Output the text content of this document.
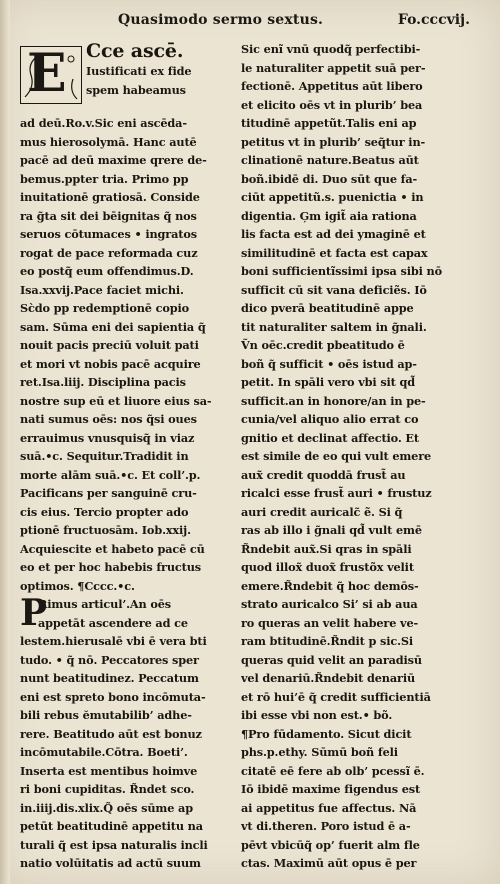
Quasimodo sermo sextus.	Fo.cccvij.
E	Cce ascē.
Iustificati ex fide
spem habeamus
ad deū.Ro.v.Sic eni ascēda-
mus hierosolymā. Hanc autē
pacē ad deū maxime qrere de-
bemus.рpter tria. Primo pp
inuitationē gratiosā. Conside
ra g̃ta sit dei bēignitas q̃ nos
seruos cōtumaces • ingratos
rogat de pace reformada cuz
eo postq̃ eum offendimus.D.
Isa.xxvij.Pace faciet michi.
Sc̀do pp redemptionē copio
sam. Sūma eni dei sapientia q̃
nouit pacis preciū voluit pati
et mori vt nobis pacē acquire
ret.Isa.liij. Disciplina pacis
nostre sup eū et liuore eius sa-
nati sumus oēs: nos q̃si oues
errauimus vnusquisq̃ in viaz
suā.•c. Sequitur.Tradidit in
morte alām suā.•c. Et coll’.p.
Pacificans per sanguinē cru-
cis eius. Tercio propter ado
ptionē fructuosām. Iob.xxij.
Acquiescite et habeto pacē cū
eo et per hoc habebis fructus
optimos. ¶Cccc.•c.
P
Rimus articul’.An oēs
appetāt ascendere ad ce
lestem.hierusalē vbi ē vera bti
tudo. • q̃ nō. Peccatores sper
nunt beatitudinez. Peccatum
eni est spreto bono incōmuta-
bili rebus ĕmutabilib’ adhe-
rere. Beatitudo aūt est bonuz
incōmutabile.Cōtra. Boeti’.
Inserta est mentibus hoimve
ri boni cupiditas. R̃ndet sco.
in.iiij.dis.xlix.Q̃ oēs sūme ap
petūt beatitudinē appetitu na
turali q̃ est ipsa naturalis incli
natio volūitatis ad actū suum
Sic enĩ vnū quodq̃ perfectibi-
le naturaliter appetit suā per-
fectionē. Appetitus aūt libero
et elicito oēs vt in plurib’ bea
titudinē appetũt.Talis eni ap
petitus vt in plurib’ seq̃tur in-
clinationē nature.Beatus aūt
boñ.ibidē di. Duo sūt que fa-
ciūt appetitũ.s. puenictia • in
digentia. Ģm igit̃ aia rationa
lis facta est ad dei ymaginē et
similitudinē et facta est capax
boni sufficientĩssimi ipsa sibi nō
sufficit cū sit vana deficiẽs. Iō
dico рverā beatitudinē appe
tit naturaliter saltem in g̃nali.
Ṽn oēc.credit рbeatitudo ē
boñ q̃ sufficit • oēs istud ap-
petit. In spāli vero vbi sit qd̃
sufficit.an in honore/an in pe-
cunia/vel aliquo alio errat co
gnitio et declinat affectio. Et
est simile de eo qui vult emere
aux̃ credit quoddā frust̃ au
ricalci esse frust̃ auri • frustuz
auri credit auricalc̃ ẽ. Si q̃
ras ab illo i g̃nali qd̃ vult emē
R̃ndebit aux̃.Si qras in spāli
quod illox̃ duox̃ frustõx velit
emere.R̃ndebit q̃ hoc demōs-
strato auricalco Si’ si ab aua
ro queras an velit habere ve-
ram btitudinē.R̃ndit р sic.Si
queras quid velit an paradisū
vel denariū.R̃ndebit denariū
et rō hui’ē q̃ credit sufficientiā
ibi esse vbi non est.• bõ.
¶Pro fūdamento. Sicut dicit
phs.p.ethy. Sūmū boñ feli
citatē eē fere ab olb’ рcessĩ ē.
Iō ibidē maxime figendus est
ai appetitus fue affectus. Nā
vt di.theren. Poro istud ē a-
pēvt vbicūq̃ op’ fuerit alm fle
ctas. Maximū aūt opus ē per
